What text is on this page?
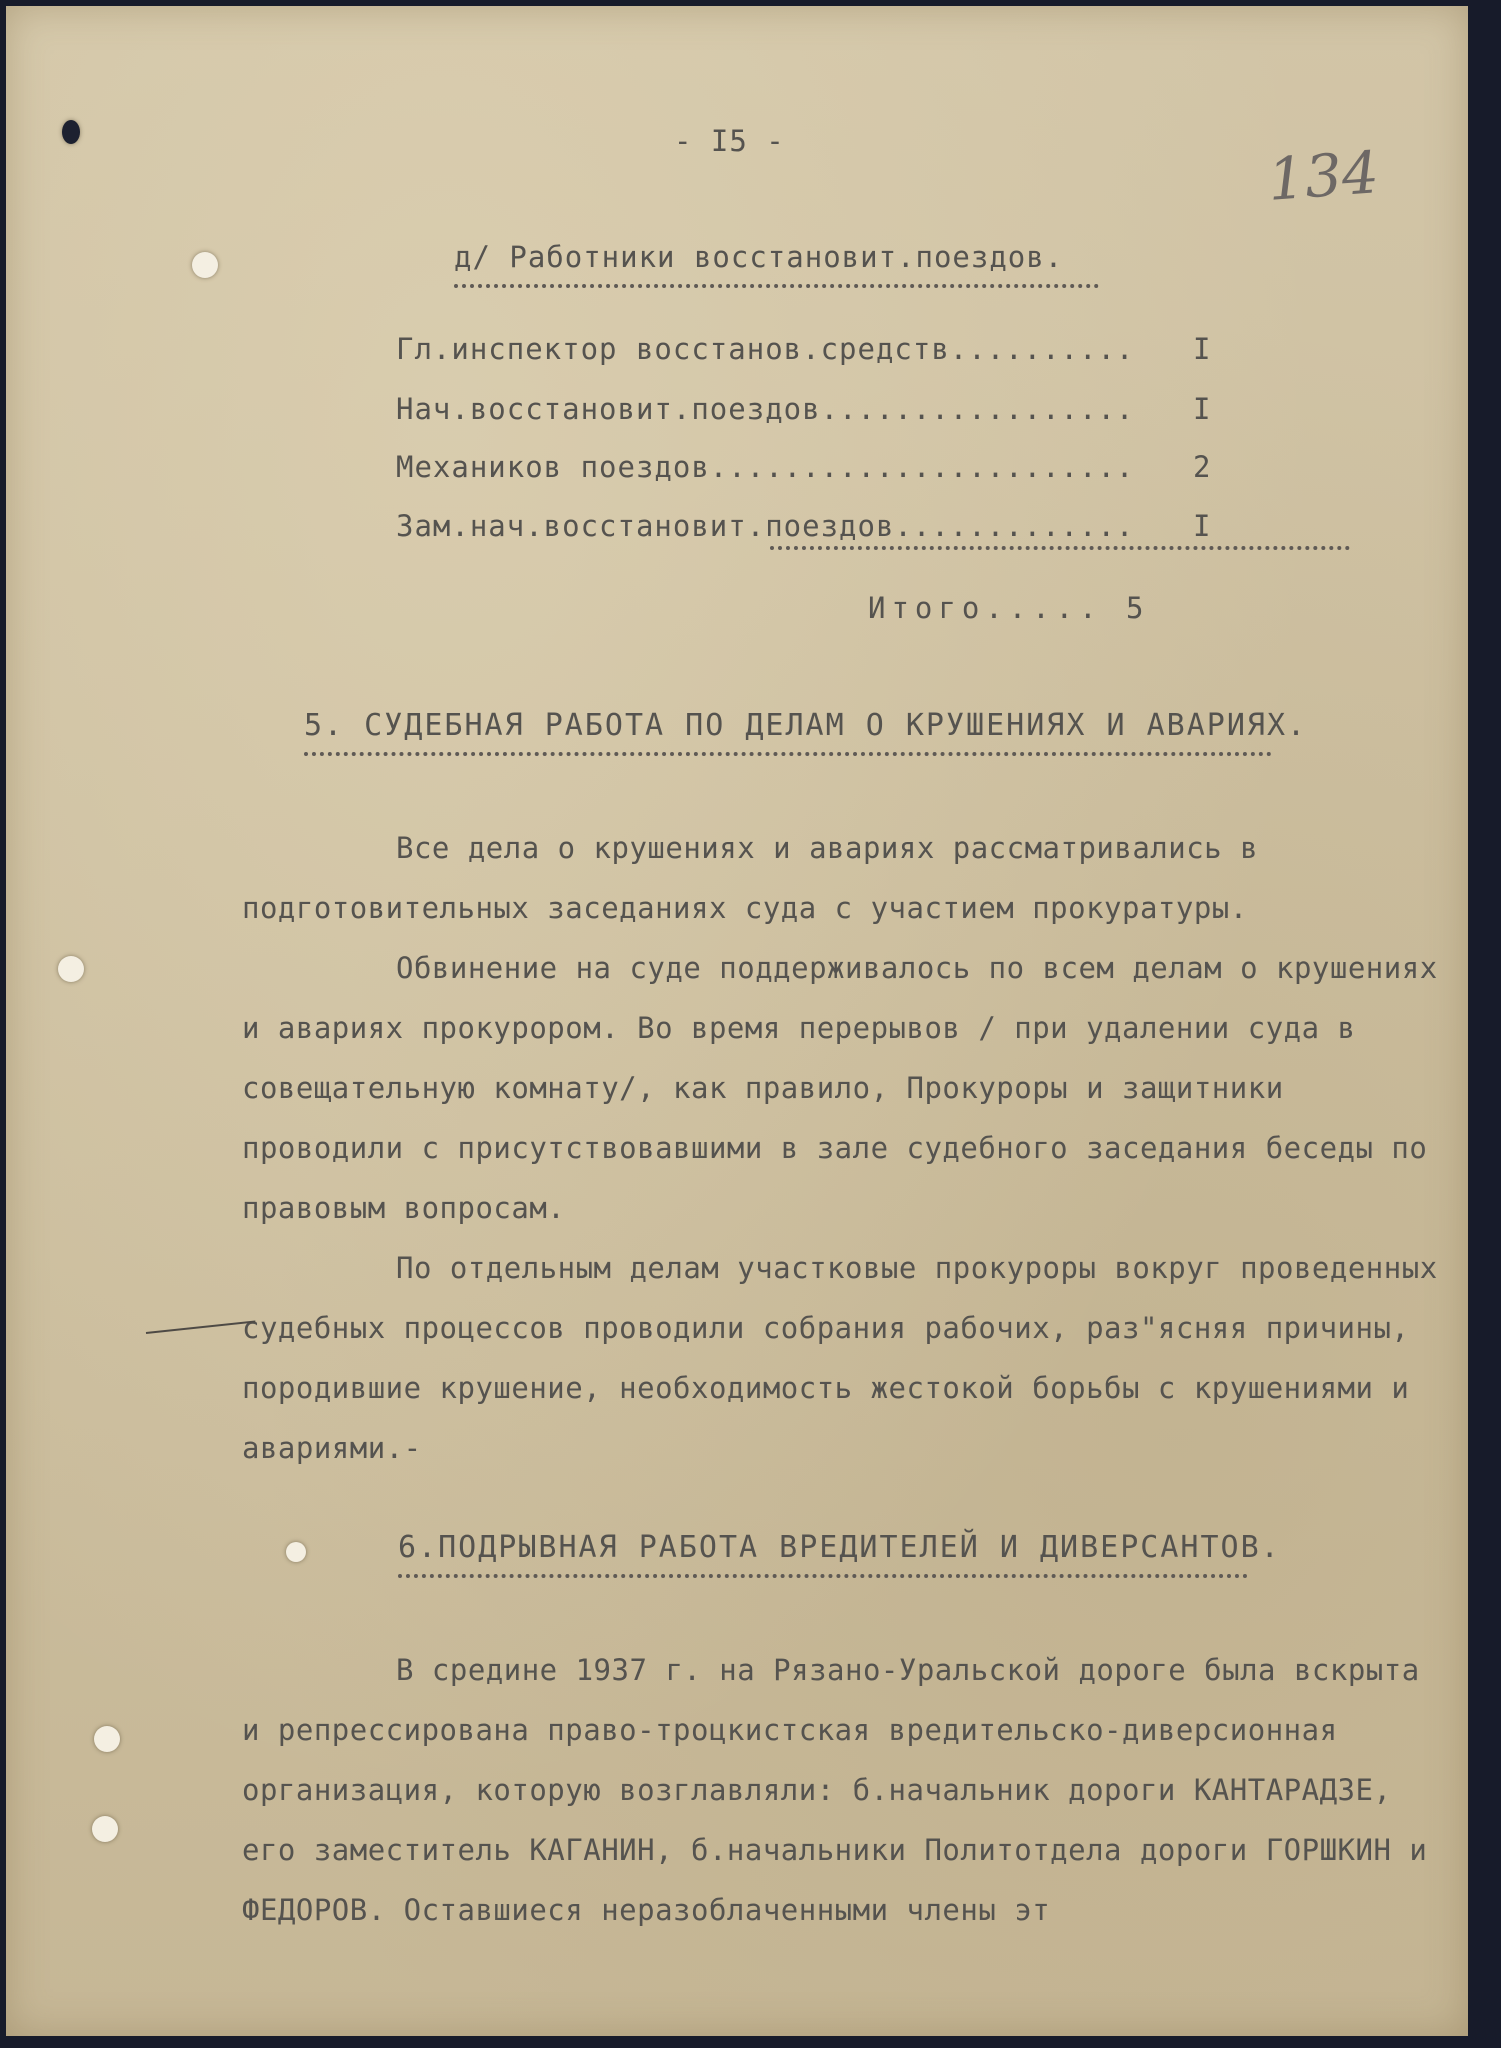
- I5 -	134
д/ Работники восстановит.поездов.
Гл.инспектор восстанов.средств.......... I
Нач.восстановит.поездов................. I
Механиков поездов....................... 2
Зам.нач.восстановит.поездов............. I
Итого..... 5
5. СУДЕБНАЯ РАБОТА ПО ДЕЛАМ О КРУШЕНИЯХ И АВАРИЯХ.
Все дела о крушениях и авариях рассматривались в подготовительных заседаниях суда с участием прокуратуры.
Обвинение на суде поддерживалось по всем делам о крушениях и авариях прокурором. Во время перерывов / при удалении суда в совещательную комнату/, как правило, Прокуроры и защитники проводили с присутствовавшими в зале судебного заседания беседы по правовым вопросам.
По отдельным делам участковые прокуроры вокруг проведенных судебных процессов проводили собрания рабочих, раз"ясняя причины, породившие крушение, необходимость жестокой борьбы с крушениями и авариями.-
6.ПОДРЫВНАЯ РАБОТА ВРЕДИТЕЛЕЙ И ДИВЕРСАНТОВ.
В средине 1937 г. на Рязано-Уральской дороге была вскрыта и репрессирована право-троцкистская вредительско-диверсионная организация, которую возглавляли: б.начальник дороги КАНТАРАДЗЕ, его заместитель КАГАНИН, б.начальники Политотдела дороги ГОРШКИН и ФЕДОРОВ. Оставшиеся неразоблаченными члены эт
